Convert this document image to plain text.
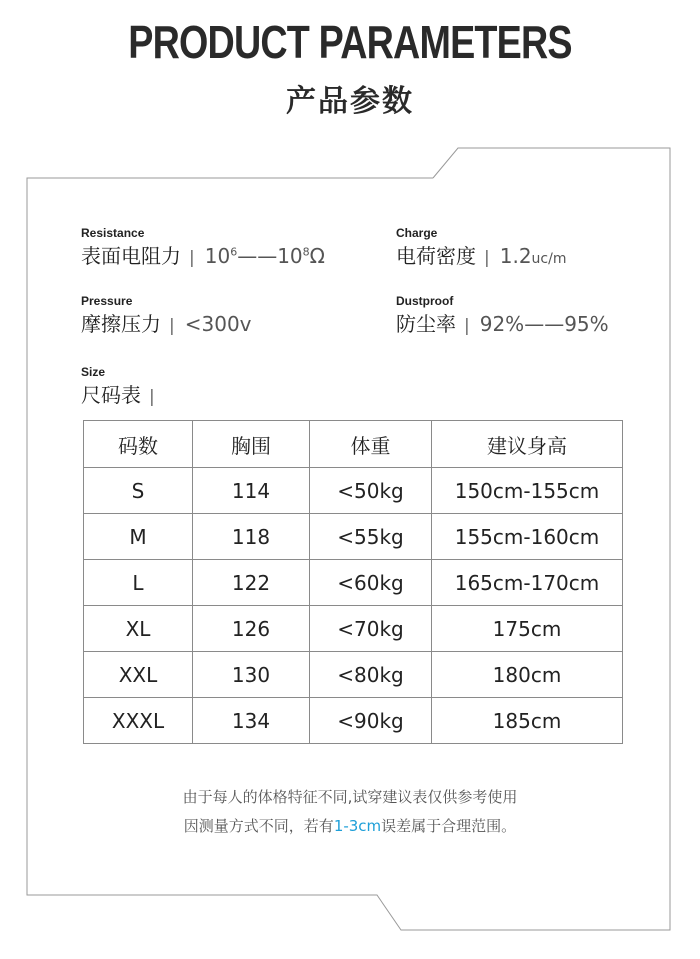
PRODUCT PARAMETERS
产品参数
Resistance
表面电阻力 | $10^6——10^8\Omega$
Charge
电荷密度 | 1.2 uc/m
Pressure
摩擦压力 | <300 v
Dustproof
防尘率 | 92%——95%
Size
尺码表 |
码数	胸围	体重	建议身高
S	114	<50kg	150cm-155cm
M	118	<55kg	155cm-160cm
L	122	<60kg	165cm-170cm
XL	126	<70kg	175cm
XXL	130	<80kg	180cm
XXXL	134	<90kg	185cm
由于每人的体格特征不同,试穿建议表仅供参考使用
因测量方式不同，若有1-3cm误差属于合理范围。
